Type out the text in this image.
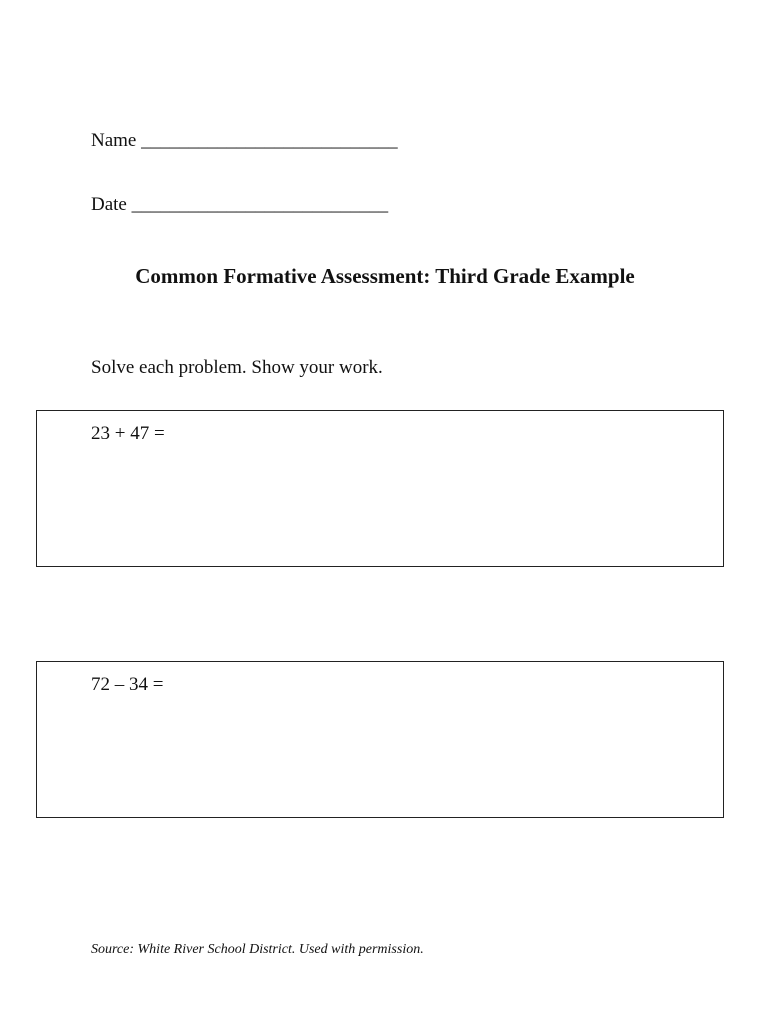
Name ___________________________
Date ___________________________
Common Formative Assessment: Third Grade Example
Solve each problem. Show your work.
23 + 47 =
72 – 34 =
Source: White River School District. Used with permission.
